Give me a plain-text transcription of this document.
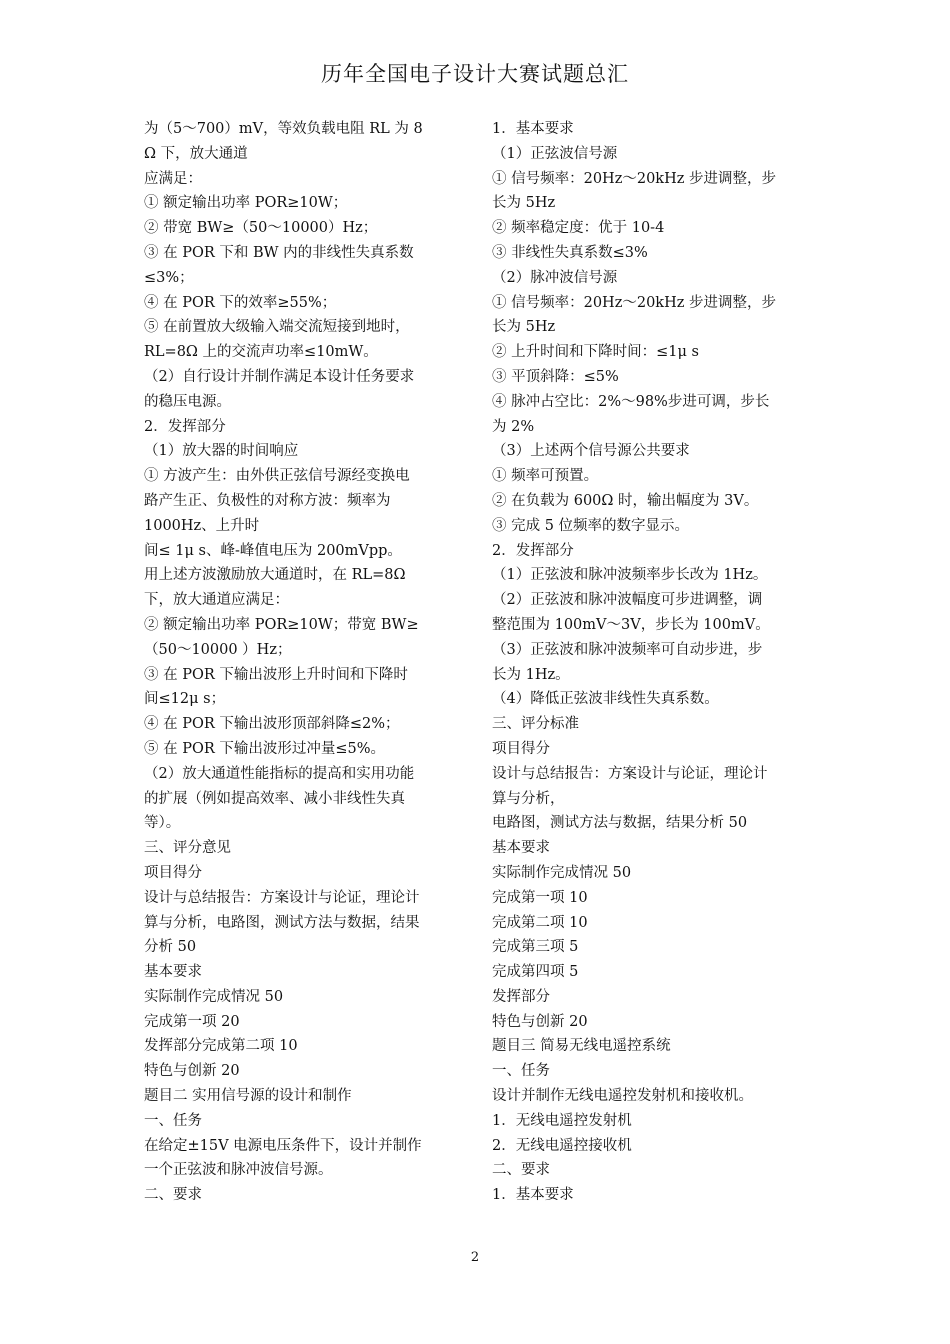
历年全国电子设计大赛试题总汇
为（5～700）mV，等效负载电阻 RL 为 8
Ω 下，放大通道
应满足：
① 额定输出功率 POR≥10W；
② 带宽 BW≥（50～10000）Hz；
③ 在 POR 下和 BW 内的非线性失真系数
≤3%；
④ 在 POR 下的效率≥55%；
⑤ 在前置放大级输入端交流短接到地时，
RL=8Ω 上的交流声功率≤10mW。
（2）自行设计并制作满足本设计任务要求
的稳压电源。
2．发挥部分
（1）放大器的时间响应
① 方波产生：由外供正弦信号源经变换电
路产生正、负极性的对称方波：频率为
1000Hz、上升时
间≤ 1μ s、峰-峰值电压为 200mVpp。
用上述方波激励放大通道时，在 RL=8Ω
下，放大通道应满足：
② 额定输出功率 POR≥10W；带宽 BW≥
（50～10000 ）Hz；
③ 在 POR 下输出波形上升时间和下降时
间≤12μ s；
④ 在 POR 下输出波形顶部斜降≤2%；
⑤ 在 POR 下输出波形过冲量≤5%。
（2）放大通道性能指标的提高和实用功能
的扩展（例如提高效率、减小非线性失真
等）。
三、评分意见
项目得分
设计与总结报告：方案设计与论证，理论计
算与分析，电路图，测试方法与数据，结果
分析 50
基本要求
实际制作完成情况 50
完成第一项 20
发挥部分完成第二项 10
特色与创新 20
题目二 实用信号源的设计和制作
一、任务
在给定±15V 电源电压条件下，设计并制作
一个正弦波和脉冲波信号源。
二、要求
1．基本要求
（1）正弦波信号源
① 信号频率：20Hz～20kHz 步进调整，步
长为 5Hz
② 频率稳定度：优于 10-4
③ 非线性失真系数≤3%
（2）脉冲波信号源
① 信号频率：20Hz～20kHz 步进调整，步
长为 5Hz
② 上升时间和下降时间：≤1μ s
③ 平顶斜降：≤5%
④ 脉冲占空比：2%～98%步进可调，步长
为 2%
（3）上述两个信号源公共要求
① 频率可预置。
② 在负载为 600Ω 时，输出幅度为 3V。
③ 完成 5 位频率的数字显示。
2．发挥部分
（1）正弦波和脉冲波频率步长改为 1Hz。
（2）正弦波和脉冲波幅度可步进调整，调
整范围为 100mV～3V，步长为 100mV。
（3）正弦波和脉冲波频率可自动步进，步
长为 1Hz。
（4）降低正弦波非线性失真系数。
三、评分标准
项目得分
设计与总结报告：方案设计与论证，理论计
算与分析，
电路图，测试方法与数据，结果分析 50
基本要求
实际制作完成情况 50
完成第一项 10
完成第二项 10
完成第三项 5
完成第四项 5
发挥部分
特色与创新 20
题目三 简易无线电遥控系统
一、任务
设计并制作无线电遥控发射机和接收机。
1．无线电遥控发射机
2．无线电遥控接收机
二、要求
1．基本要求
2
